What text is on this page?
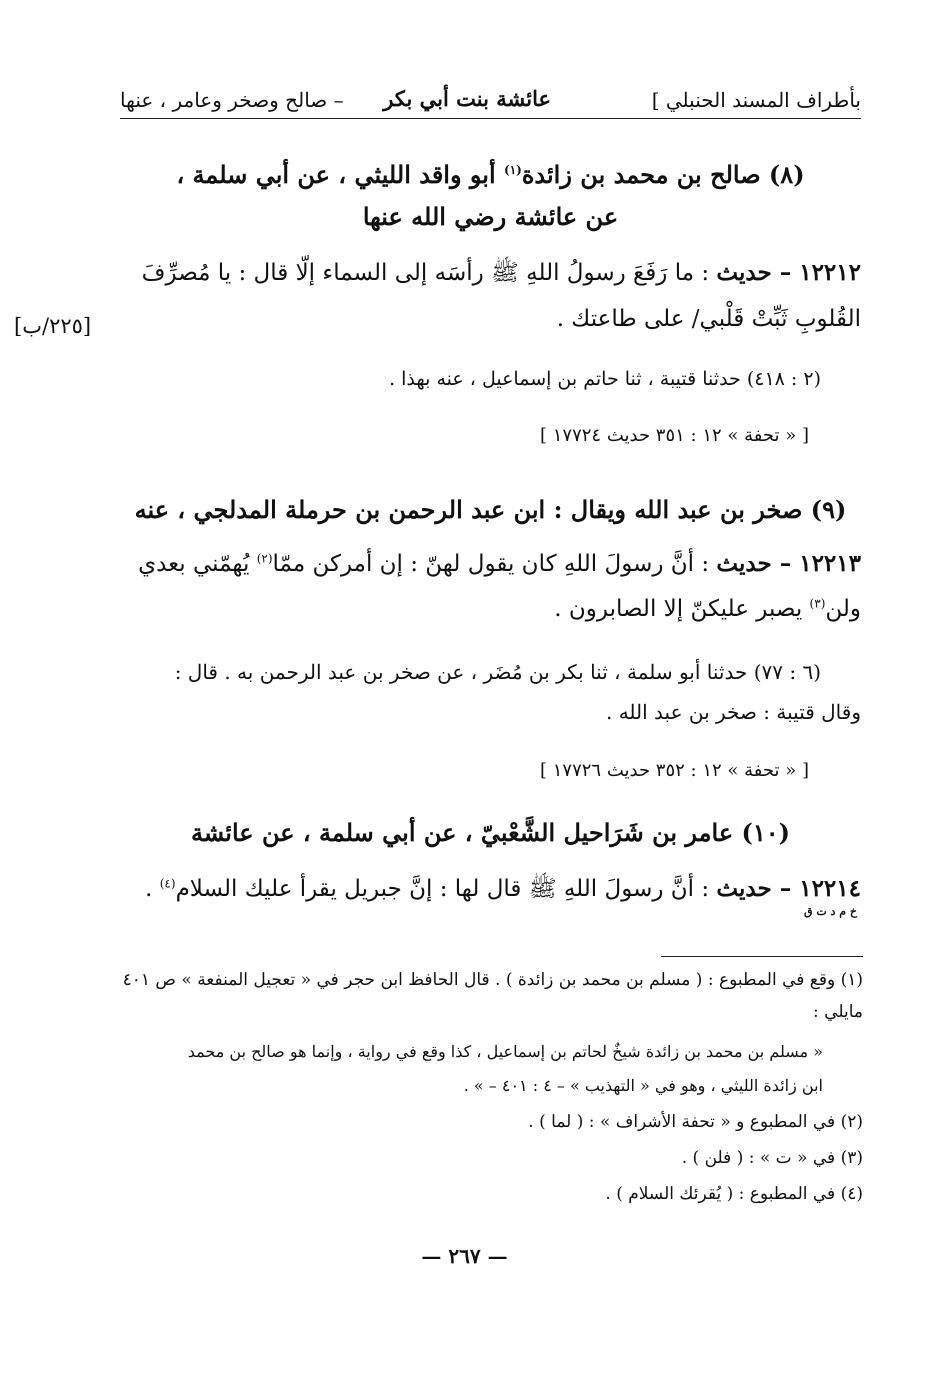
بأطراف المسند الحنبلي ]
عائشة بنت أبي بكر
– صالح وصخر وعامر ، عنها
(٨) صالح بن محمد بن زائدة$^{(١)}$ أبو واقد الليثي ، عن أبي سلمة ،
عن عائشة رضي الله عنها
١٢٢١٢ – حديث : ما رَفَعَ رسولُ اللهِ ﷺ رأسَه إلى السماء إلّا قال : يا مُصرِّفَ
القُلوبِ ثَبِّتْ قَلْبي/ على طاعتك .
[٢٢٥/ب]
(٢ : ٤١٨) حدثنا قتيبة ، ثنا حاتم بن إسماعيل ، عنه بهذا .
[ « تحفة » ١٢ : ٣٥١ حديث ١٧٧٢٤ ]
(٩) صخر بن عبد الله ويقال : ابن عبد الرحمن بن حرملة المدلجي ، عنه
١٢٢١٣ – حديث : أنَّ رسولَ اللهِ كان يقول لهنّ : إن أمركن ممّا$^{(٢)}$ يُهمّني بعدي
ولن$^{(٣)}$ يصبر عليكنّ إلا الصابرون .
(٦ : ٧٧) حدثنا أبو سلمة ، ثنا بكر بن مُضَر ، عن صخر بن عبد الرحمن به . قال :
وقال قتيبة : صخر بن عبد الله .
[ « تحفة » ١٢ : ٣٥٢ حديث ١٧٧٢٦ ]
(١٠) عامر بن شَرَاحيل الشَّعْبيّ ، عن أبي سلمة ، عن عائشة
١٢٢١٤ – حديث
خ م د ت ق
: أنَّ رسولَ اللهِ ﷺ قال لها : إنَّ جبريل يقرأ عليك السلام$^{(٤)}$ .
(١) وقع في المطبوع : ( مسلم بن محمد بن زائدة ) . قال الحافظ ابن حجر في « تعجيل المنفعة » ص ٤٠١
مايلي :
« مسلم بن محمد بن زائدة شيخٌ لحاتم بن إسماعيل ، كذا وقع في رواية ، وإنما هو صالح بن محمد
ابن زائدة الليثي ، وهو في « التهذيب » – ٤ : ٤٠١ – » .
(٢) في المطبوع و « تحفة الأشراف » : ( لما ) .
(٣) في « ت » : ( فلن ) .
(٤) في المطبوع : ( يُقرئك السلام ) .
— ٢٦٧ —
